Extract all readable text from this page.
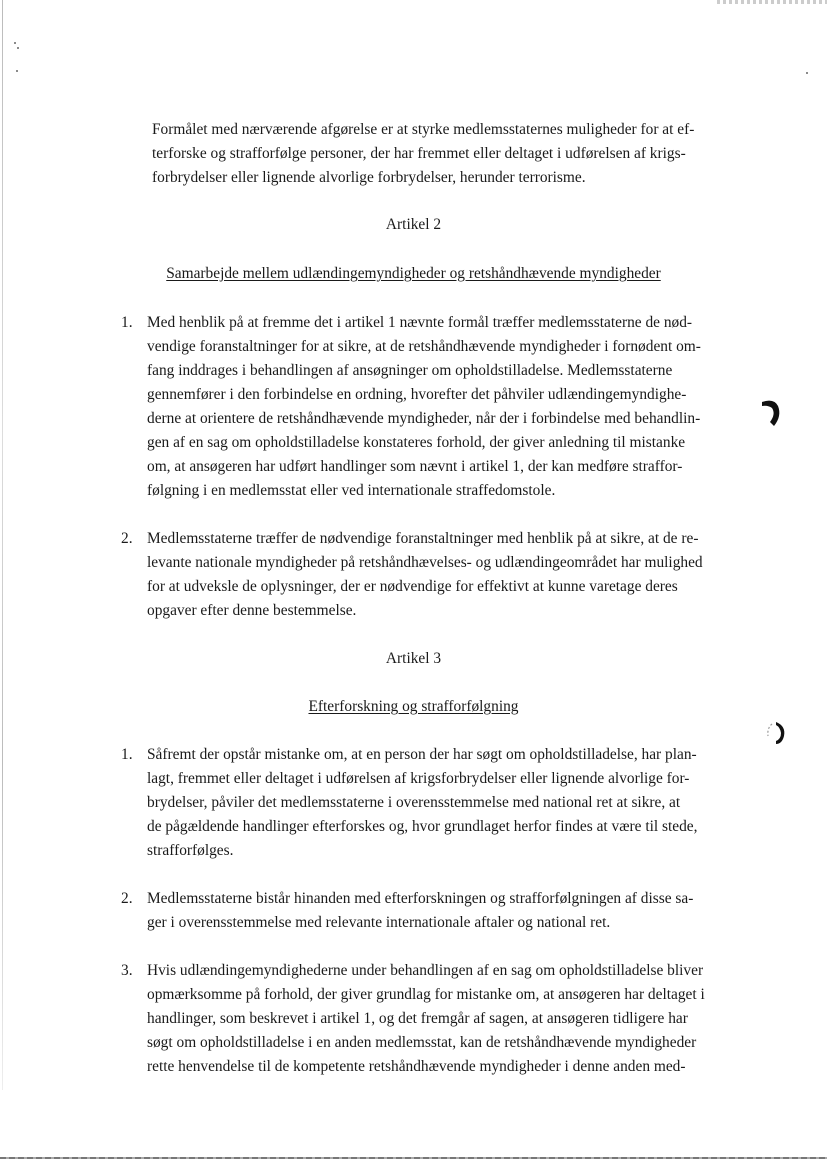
Formålet med nærværende afgørelse er at styrke medlemsstaternes muligheder for at ef-
terforske og strafforfølge personer, der har fremmet eller deltaget i udførelsen af krigs-
forbrydelser eller lignende alvorlige forbrydelser, herunder terrorisme.
Artikel 2
Samarbejde mellem udlændingemyndigheder og retshåndhævende myndigheder
1. Med henblik på at fremme det i artikel 1 nævnte formål træffer medlemsstaterne de nød-
vendige foranstaltninger for at sikre, at de retshåndhævende myndigheder i fornødent om-
fang inddrages i behandlingen af ansøgninger om opholdstilladelse. Medlemsstaterne
gennemfører i den forbindelse en ordning, hvorefter det påhviler udlændingemyndighe-
derne at orientere de retshåndhævende myndigheder, når der i forbindelse med behandlin-
gen af en sag om opholdstilladelse konstateres forhold, der giver anledning til mistanke
om, at ansøgeren har udført handlinger som nævnt i artikel 1, der kan medføre straffor-
følgning i en medlemsstat eller ved internationale straffedomstole.
2. Medlemsstaterne træffer de nødvendige foranstaltninger med henblik på at sikre, at de re-
levante nationale myndigheder på retshåndhævelses- og udlændingeområdet har mulighed
for at udveksle de oplysninger, der er nødvendige for effektivt at kunne varetage deres
opgaver efter denne bestemmelse.
Artikel 3
Efterforskning og strafforfølgning
1. Såfremt der opstår mistanke om, at en person der har søgt om opholdstilladelse, har plan-
lagt, fremmet eller deltaget i udførelsen af krigsforbrydelser eller lignende alvorlige for-
brydelser, påviler det medlemsstaterne i overensstemmelse med national ret at sikre, at
de pågældende handlinger efterforskes og, hvor grundlaget herfor findes at være til stede,
strafforfølges.
2. Medlemsstaterne bistår hinanden med efterforskningen og strafforfølgningen af disse sa-
ger i overensstemmelse med relevante internationale aftaler og national ret.
3. Hvis udlændingemyndighederne under behandlingen af en sag om opholdstilladelse bliver
opmærksomme på forhold, der giver grundlag for mistanke om, at ansøgeren har deltaget i
handlinger, som beskrevet i artikel 1, og det fremgår af sagen, at ansøgeren tidligere har
søgt om opholdstilladelse i en anden medlemsstat, kan de retshåndhævende myndigheder
rette henvendelse til de kompetente retshåndhævende myndigheder i denne anden med-
